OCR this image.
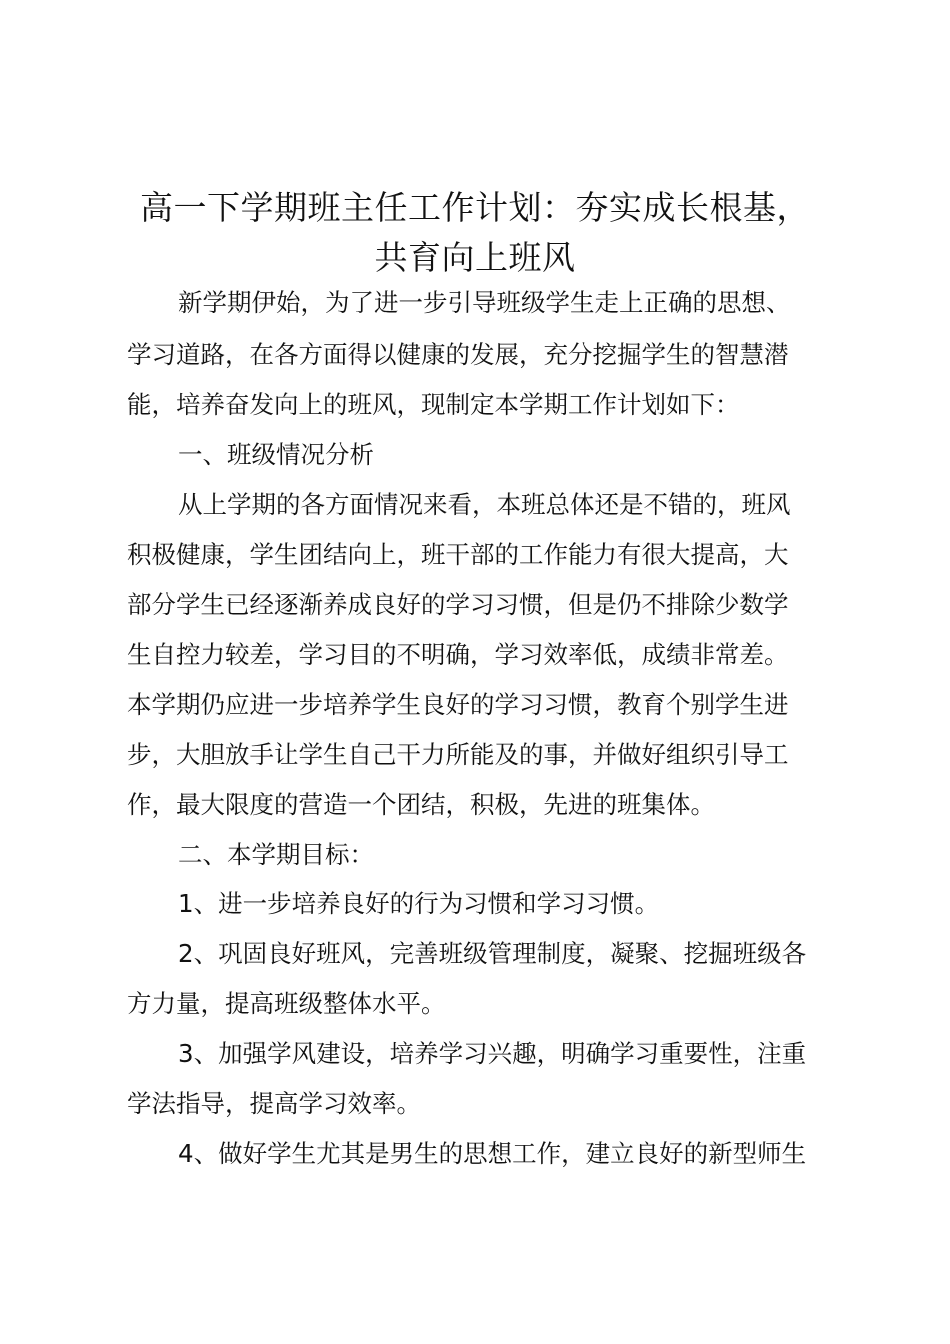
高一下学期班主任工作计划：夯实成长根基，
共育向上班风

新学期伊始，为了进一步引导班级学生走上正确的思想、

学习道路，在各方面得以健康的发展，充分挖掘学生的智慧潜

能，培养奋发向上的班风，现制定本学期工作计划如下：

一、班级情况分析

从上学期的各方面情况来看，本班总体还是不错的，班风

积极健康，学生团结向上，班干部的工作能力有很大提高，大

部分学生已经逐渐养成良好的学习习惯，但是仍不排除少数学

生自控力较差，学习目的不明确，学习效率低，成绩非常差。

本学期仍应进一步培养学生良好的学习习惯，教育个别学生进

步，大胆放手让学生自己干力所能及的事，并做好组织引导工

作，最大限度的营造一个团结，积极，先进的班集体。

二、本学期目标：

1、进一步培养良好的行为习惯和学习习惯。

2、巩固良好班风，完善班级管理制度，凝聚、挖掘班级各

方力量，提高班级整体水平。

3、加强学风建设，培养学习兴趣，明确学习重要性，注重

学法指导，提高学习效率。

4、做好学生尤其是男生的思想工作，建立良好的新型师生
